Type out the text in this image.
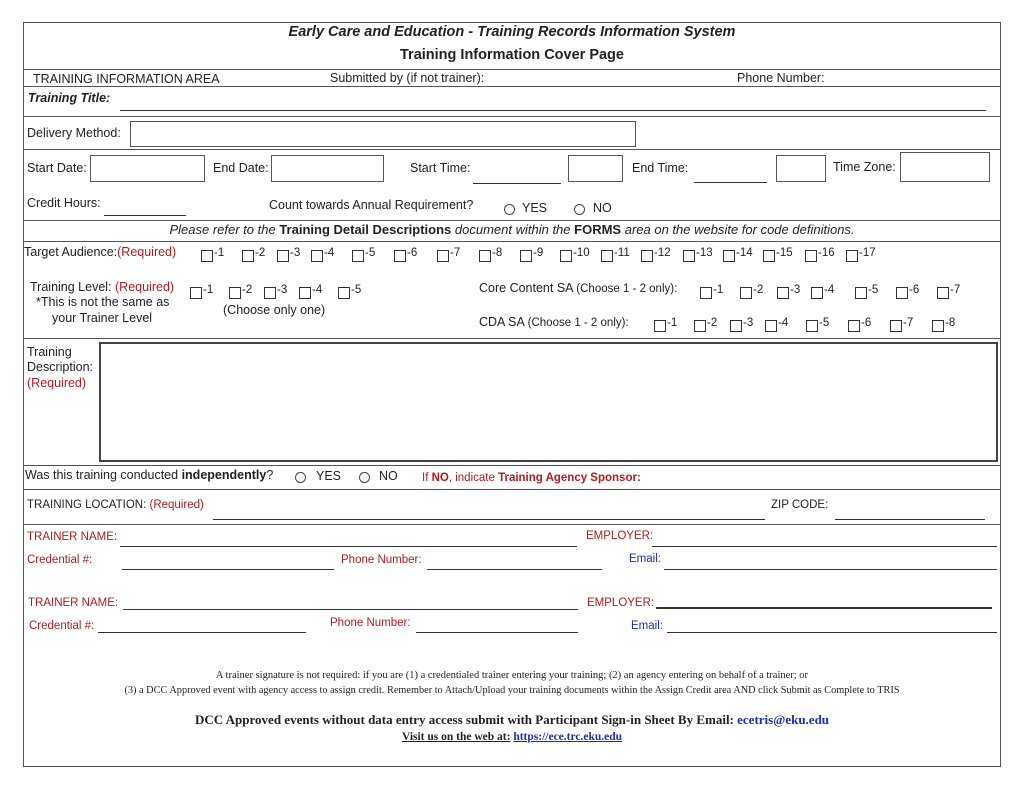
Early Care and Education - Training Records Information System
Training Information Cover Page
TRAINING INFORMATION AREA	Submitted by (if not trainer):	Phone Number:
Training Title:
Delivery Method:
Start Date:	End Date:	Start Time:	End Time:	Time Zone:
Credit Hours:	Count towards Annual Requirement?	YES	NO
Please refer to the Training Detail Descriptions document within the FORMS area on the website for code definitions.
Target Audience:(Required)	-1	-2 -3 -4	-5	-6	-7	-8	-9	-10 -11 -12 -13 -14 -15 -16 -17
Training Level: (Required)
*This is not the same as
your Trainer Level
-1	-2 -3 -4	-5
(Choose only one)
Core Content SA (Choose 1 - 2 only):	-1	-2 -3 -4	-5	-6	-7
CDA SA (Choose 1 - 2 only):	-1	-2 -3 -4	-5	-6	-7	-8
Training
Description:
(Required)
Was this training conducted independently?	YES	NO If NO, indicate Training Agency Sponsor:
TRAINING LOCATION: (Required)	ZIP CODE:
TRAINER NAME:	EMPLOYER:
Credential #:	Phone Number:	Email:
TRAINER NAME:	EMPLOYER:
Credential #:	Phone Number:	Email:
A trainer signature is not required: if you are (1) a credentialed trainer entering your training; (2) an agency entering on behalf of a trainer; or
(3) a DCC Approved event with agency access to assign credit. Remember to Attach/Upload your training documents within the Assign Credit area AND click Submit as Complete to TRIS
DCC Approved events without data entry access submit with Participant Sign-in Sheet By Email: ecetris@eku.edu
Visit us on the web at: https://ece.trc.eku.edu
